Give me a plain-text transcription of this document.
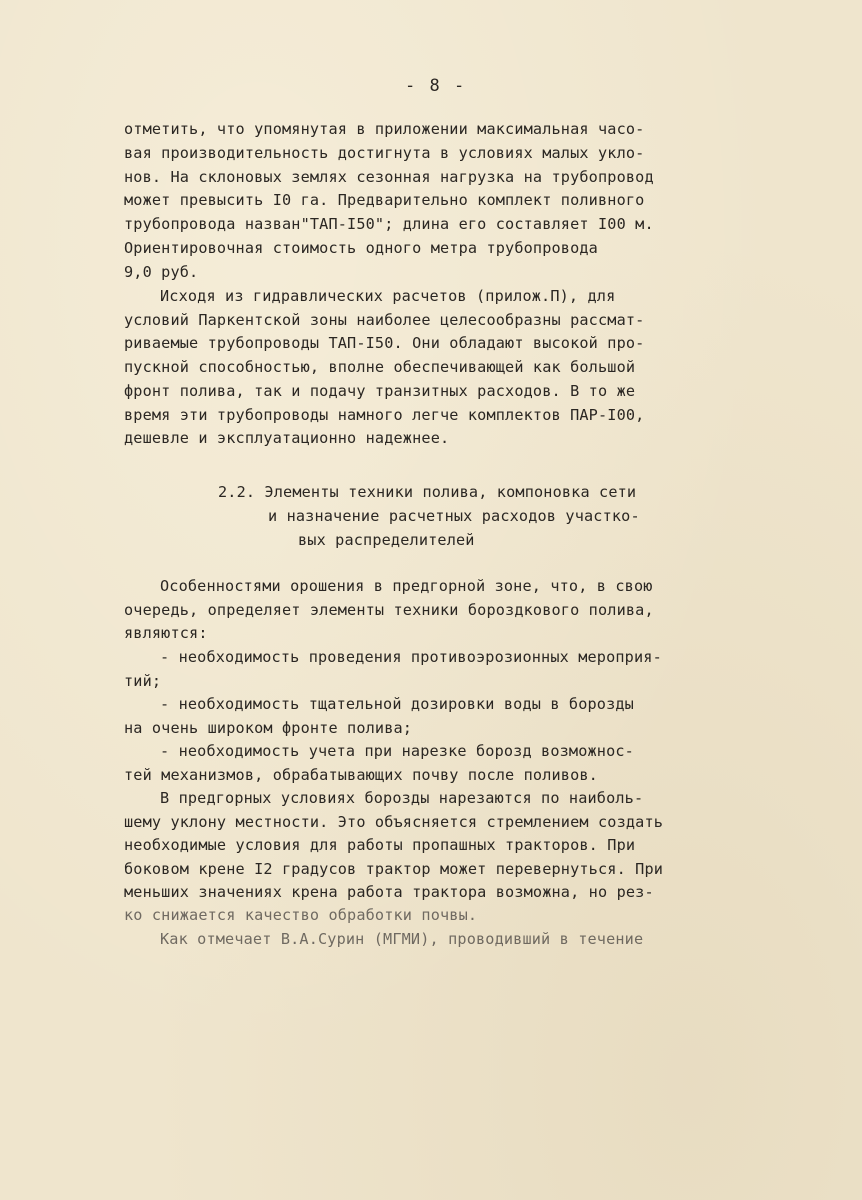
- 8 -
отметить, что упомянутая в приложении максимальная часо-
вая производительность достигнута в условиях малых укло-
нов. На склоновых землях сезонная нагрузка на трубопровод
может превысить I0 га. Предварительно комплект поливного
трубопровода назван"ТАП-I50"; длина его составляет I00 м.
Ориентировочная стоимость одного метра трубопровода
9,0 руб.
Исходя из гидравлических расчетов (прилож.П), для
условий Паркентской зоны наиболее целесообразны рассмат-
риваемые трубопроводы ТАП-I50. Они обладают высокой про-
пускной способностью, вполне обеспечивающей как большой
фронт полива, так и подачу транзитных расходов. В то же
время эти трубопроводы намного легче комплектов ПАР-I00,
дешевле и эксплуатационно надежнее.
2.2. Элементы техники полива, компоновка сети
и назначение расчетных расходов участко-
вых распределителей
Особенностями орошения в предгорной зоне, что, в свою
очередь, определяет элементы техники бороздкового полива,
являются:
- необходимость проведения противоэрозионных мероприя-
тий;
- необходимость тщательной дозировки воды в борозды
на очень широком фронте полива;
- необходимость учета при нарезке борозд возможнос-
тей механизмов, обрабатывающих почву после поливов.
В предгорных условиях борозды нарезаются по наиболь-
шему уклону местности. Это объясняется стремлением создать
необходимые условия для работы пропашных тракторов. При
боковом крене I2 градусов трактор может перевернуться. При
меньших значениях крена работа трактора возможна, но рез-
ко снижается качество обработки почвы.
Как отмечает В.А.Сурин (МГМИ), проводивший в течение
